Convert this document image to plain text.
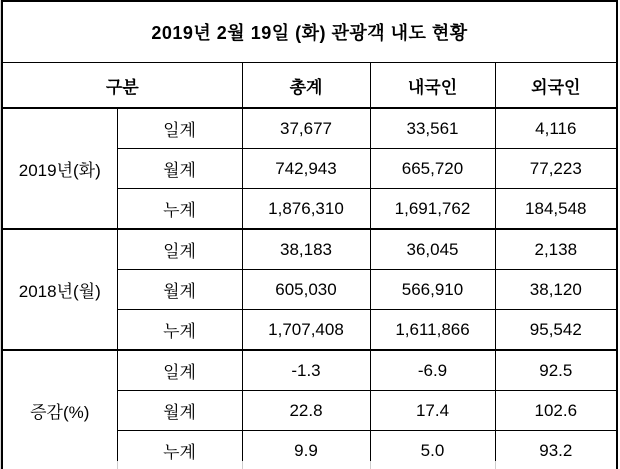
2019년 2월 19일 (화) 관광객 내도 현황				
구분		총계	내국인	외국인
2019년(화)	일계	37,677	33,561	4,116
	월계	742,943	665,720	77,223
	누계	1,876,310	1,691,762	184,548
2018년(월)	일계	38,183	36,045	2,138
	월계	605,030	566,910	38,120
	누계	1,707,408	1,611,866	95,542
증감(%)	일계	-1.3	-6.9	92.5
	월계	22.8	17.4	102.6
	누계	9.9	5.0	93.2
